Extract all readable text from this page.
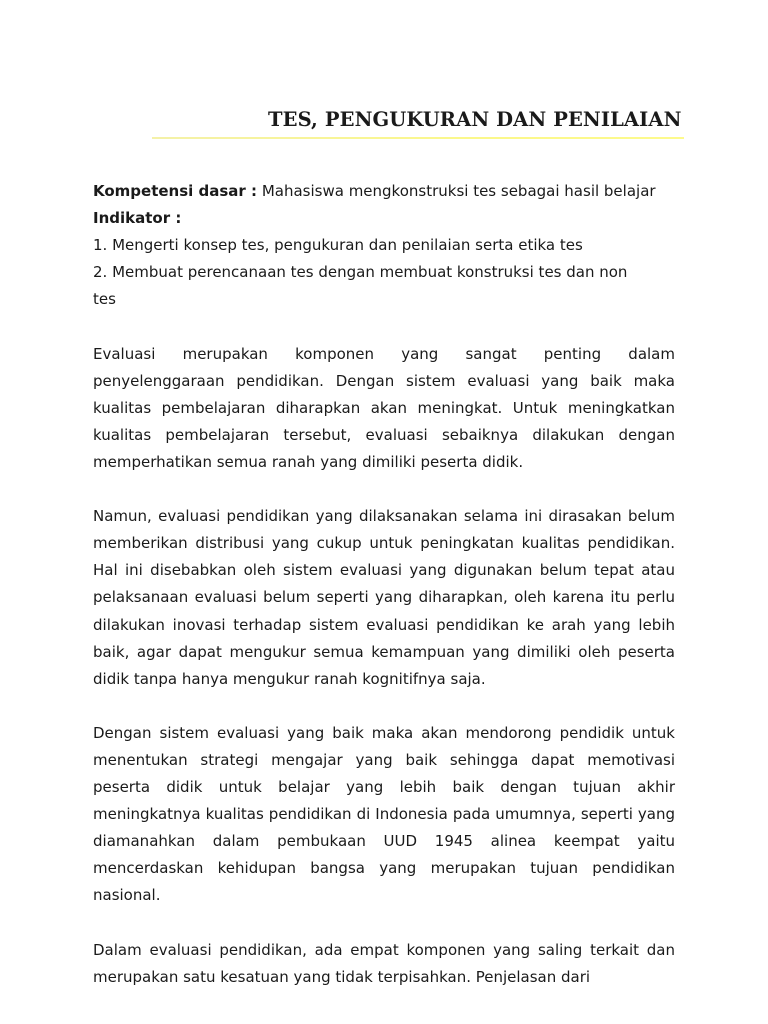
TES, PENGUKURAN DAN PENILAIAN
Kompetensi dasar : Mahasiswa mengkonstruksi tes sebagai hasil belajar
Indikator :
1. Mengerti konsep tes, pengukuran dan penilaian serta etika tes
2. Membuat perencanaan tes dengan membuat konstruksi tes dan non
tes

Evaluasi merupakan komponen yang sangat penting dalam penyelenggaraan pendidikan. Dengan sistem evaluasi yang baik maka kualitas pembelajaran diharapkan akan meningkat. Untuk meningkatkan kualitas pembelajaran tersebut, evaluasi sebaiknya dilakukan dengan memperhatikan semua ranah yang dimiliki peserta didik.

Namun, evaluasi pendidikan yang dilaksanakan selama ini dirasakan belum memberikan distribusi yang cukup untuk peningkatan kualitas pendidikan. Hal ini disebabkan oleh sistem evaluasi yang digunakan belum tepat atau pelaksanaan evaluasi belum seperti yang diharapkan, oleh karena itu perlu dilakukan inovasi terhadap sistem evaluasi pendidikan ke arah yang lebih baik, agar dapat mengukur semua kemampuan yang dimiliki oleh peserta didik tanpa hanya mengukur ranah kognitifnya saja.

Dengan sistem evaluasi yang baik maka akan mendorong pendidik untuk menentukan strategi mengajar yang baik sehingga dapat memotivasi peserta didik untuk belajar yang lebih baik dengan tujuan akhir meningkatnya kualitas pendidikan di Indonesia pada umumnya, seperti yang diamanahkan dalam pembukaan UUD 1945 alinea keempat yaitu mencerdaskan kehidupan bangsa yang merupakan tujuan pendidikan nasional.

Dalam evaluasi pendidikan, ada empat komponen yang saling terkait dan merupakan satu kesatuan yang tidak terpisahkan. Penjelasan dari
